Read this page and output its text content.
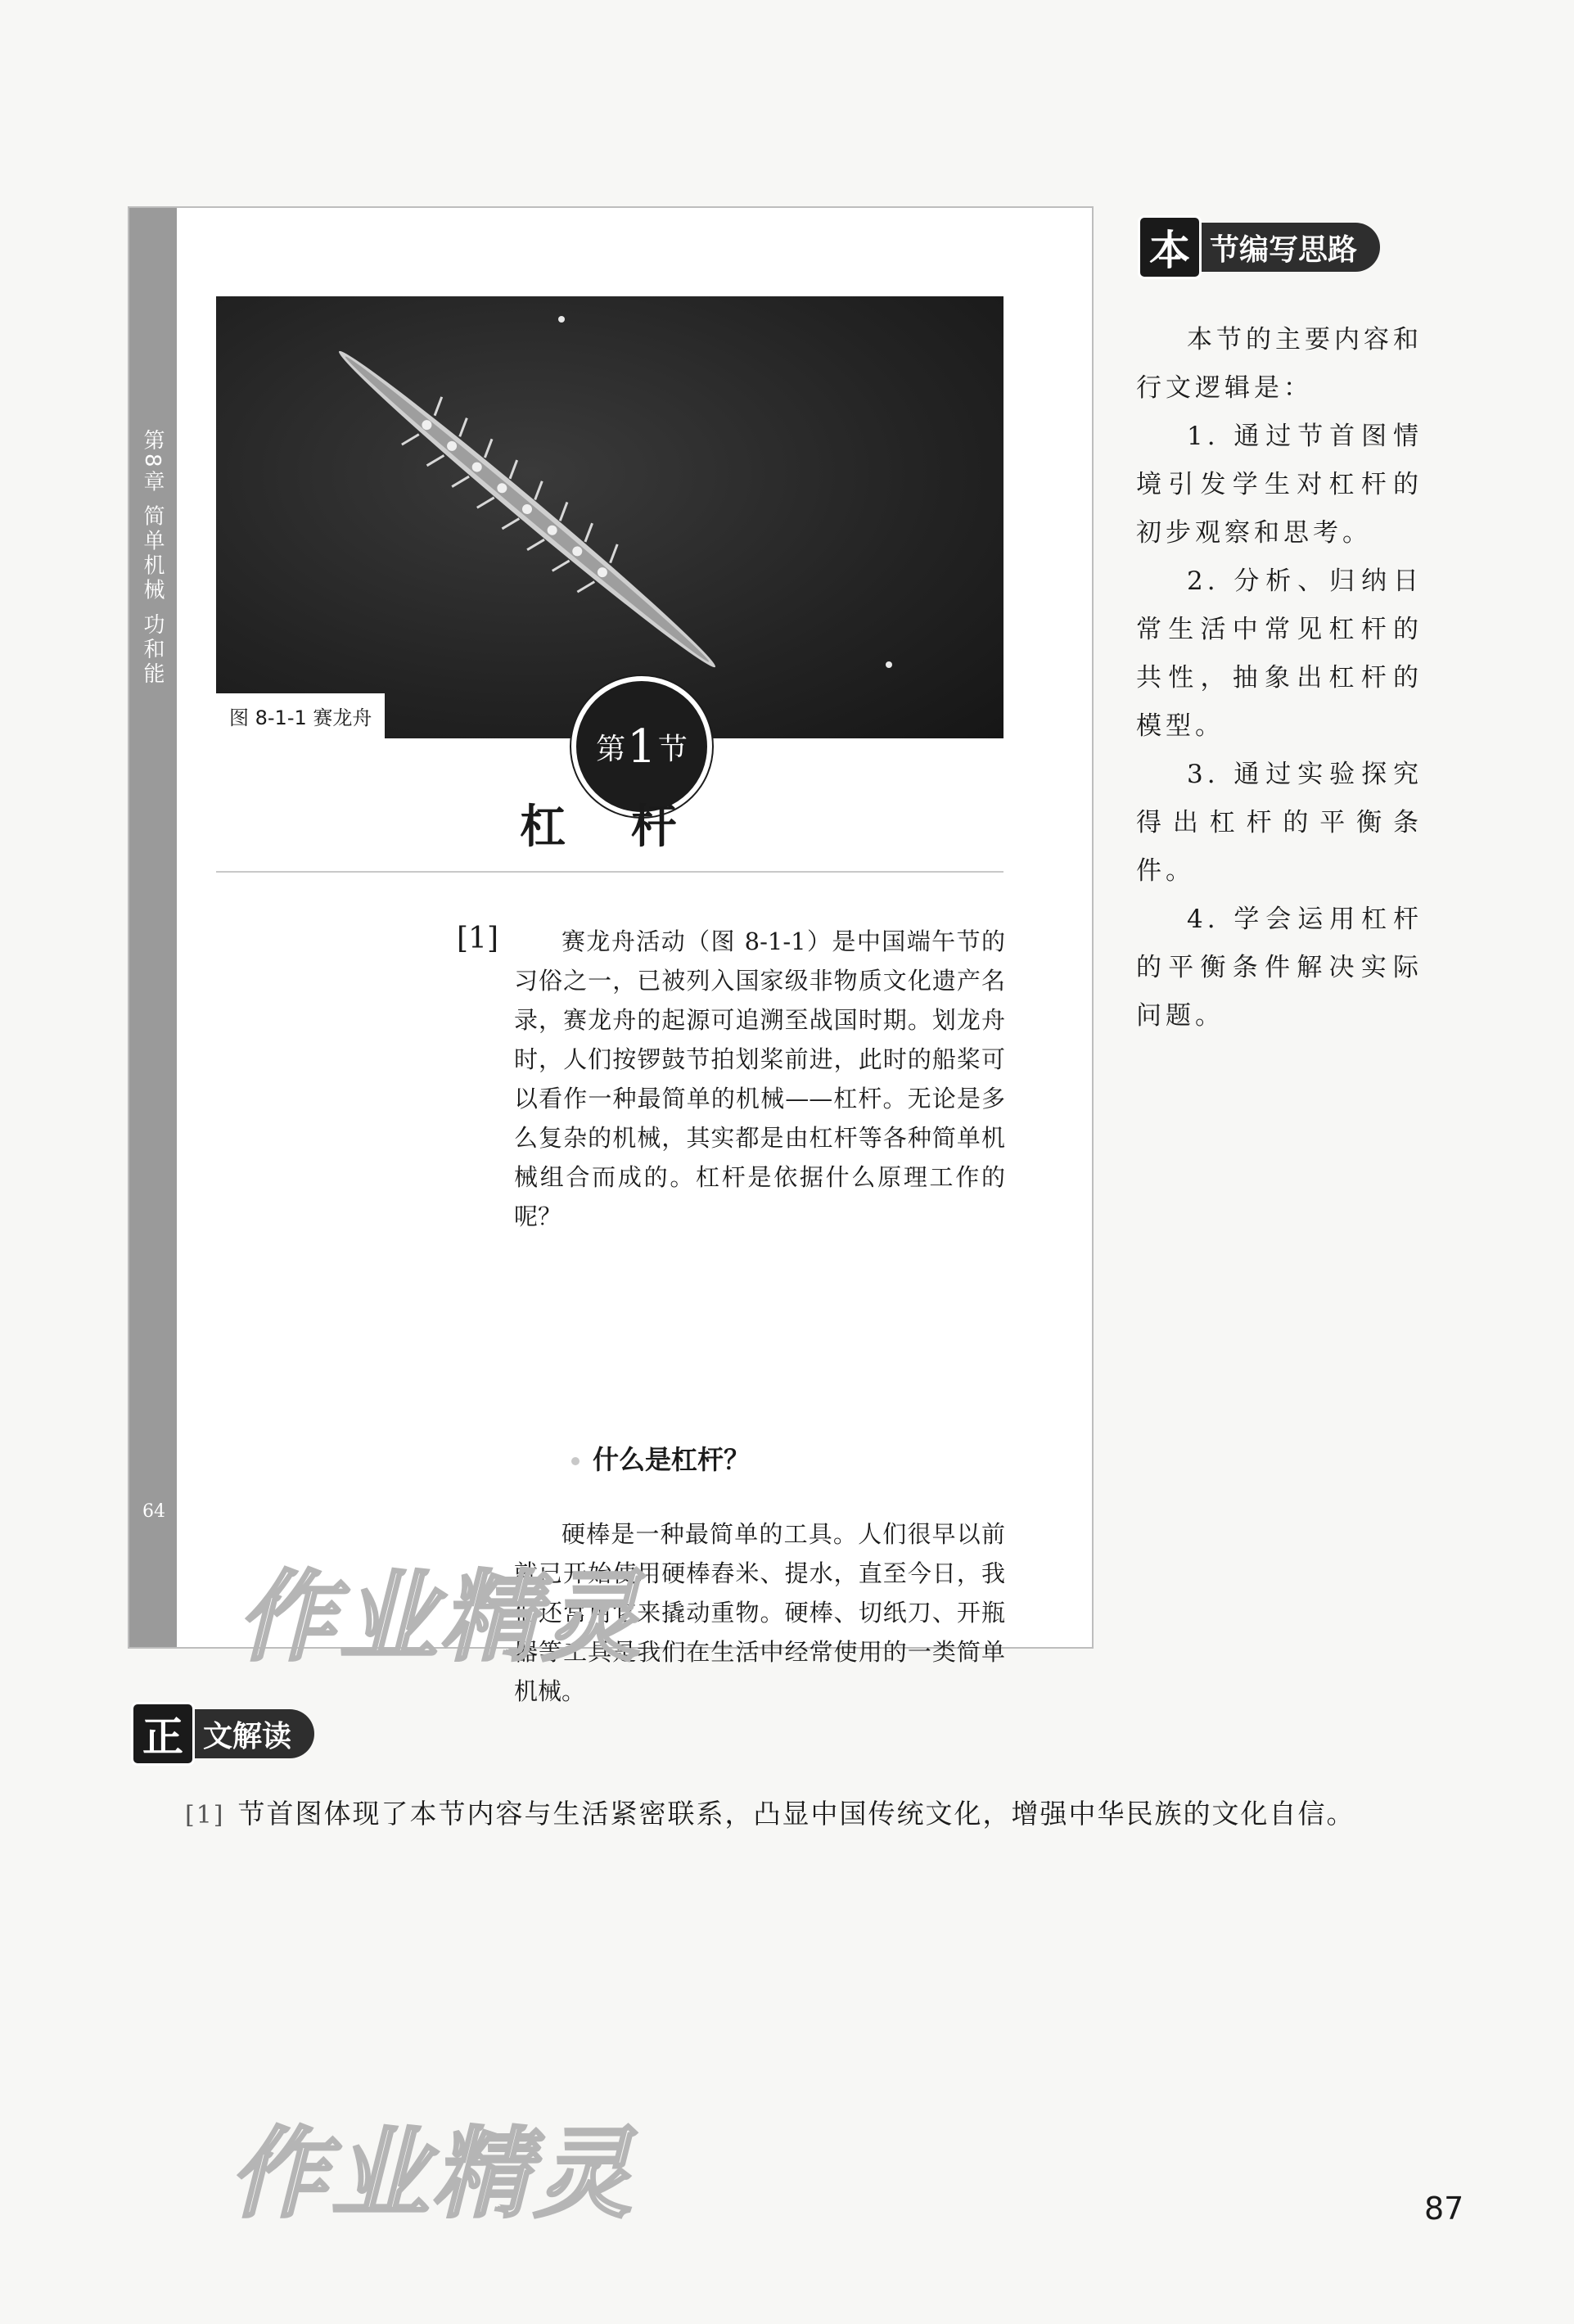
第8章 简单机械 功和能
64
图 8-1-1 赛龙舟
第 1 节
杠 杆
[1]	赛龙舟活动（图 8-1-1）是中国端午节的习俗之一，已被列入国家级非物质文化遗产名录，赛龙舟的起源可追溯至战国时期。划龙舟时，人们按锣鼓节拍划桨前进，此时的船桨可以看作一种最简单的机械——杠杆。无论是多么复杂的机械，其实都是由杠杆等各种简单机械组合而成的。杠杆是依据什么原理工作的呢？
什么是杠杆？
硬棒是一种最简单的工具。人们很早以前就已开始使用硬棒舂米、提水，直至今日，我们还常用它来撬动重物。硬棒、切纸刀、开瓶器等工具是我们在生活中经常使用的一类简单机械。
作业精灵
作业精灵
本 节编写思路

本节的主要内容和行文逻辑是：

1. 通过节首图情境引发学生对杠杆的初步观察和思考。

2. 分析、归纳日常生活中常见杠杆的共性，抽象出杠杆的模型。

3. 通过实验探究得出杠杆的平衡条件。

4. 学会运用杠杆的平衡条件解决实际问题。

正 文解读
[1] 节首图体现了本节内容与生活紧密联系，凸显中国传统文化，增强中华民族的文化自信。
87
